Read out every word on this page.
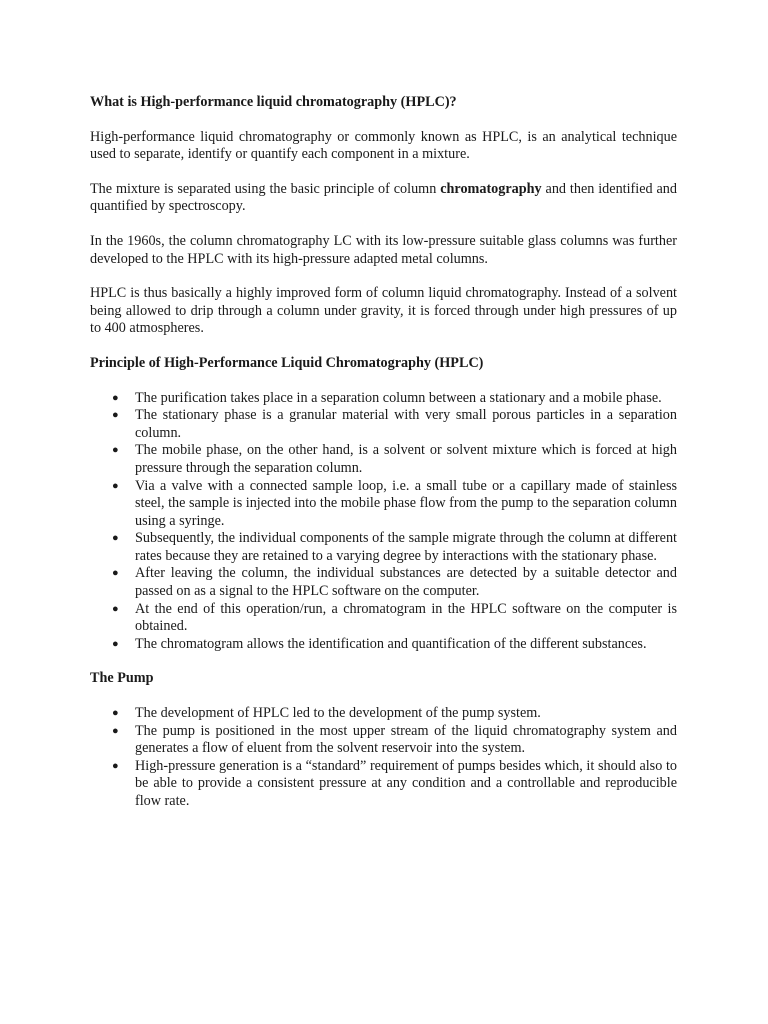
What is High-performance liquid chromatography (HPLC)?

High-performance liquid chromatography or commonly known as HPLC, is an analytical technique used to separate, identify or quantify each component in a mixture.

The mixture is separated using the basic principle of column chromatography and then identified and quantified by spectroscopy.

In the 1960s, the column chromatography LC with its low-pressure suitable glass columns was further developed to the HPLC with its high-pressure adapted metal columns.

HPLC is thus basically a highly improved form of column liquid chromatography. Instead of a solvent being allowed to drip through a column under gravity, it is forced through under high pressures of up to 400 atmospheres.

Principle of High-Performance Liquid Chromatography (HPLC)
● The purification takes place in a separation column between a stationary and a mobile phase.
● The stationary phase is a granular material with very small porous particles in a separation column.
● The mobile phase, on the other hand, is a solvent or solvent mixture which is forced at high pressure through the separation column.
● Via a valve with a connected sample loop, i.e. a small tube or a capillary made of stainless steel, the sample is injected into the mobile phase flow from the pump to the separation column using a syringe.
● Subsequently, the individual components of the sample migrate through the column at different rates because they are retained to a varying degree by interactions with the stationary phase.
● After leaving the column, the individual substances are detected by a suitable detector and passed on as a signal to the HPLC software on the computer.
● At the end of this operation/run, a chromatogram in the HPLC software on the computer is obtained.
● The chromatogram allows the identification and quantification of the different substances.
The Pump
● The development of HPLC led to the development of the pump system.
● The pump is positioned in the most upper stream of the liquid chromatography system and generates a flow of eluent from the solvent reservoir into the system.
● High-pressure generation is a “standard” requirement of pumps besides which, it should also to be able to provide a consistent pressure at any condition and a controllable and reproducible flow rate.
